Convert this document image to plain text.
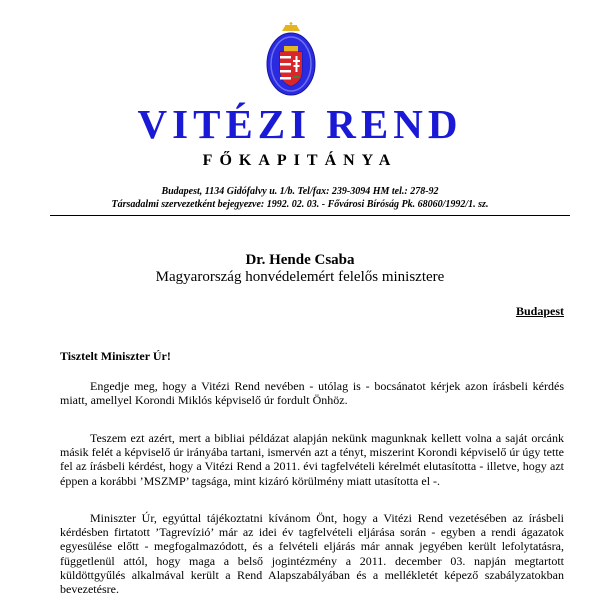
VITÉZI REND
FŐKAPITÁNYA
Budapest, 1134 Gidófalvy u. 1/b. Tel/fax: 239-3094 HM tel.: 278-92
Társadalmi szervezetként bejegyezve: 1992. 02. 03. - Fővárosi Bíróság Pk. 68060/1992/1. sz.
Dr. Hende Csaba
Magyarország honvédelemért felelős minisztere
Budapest
Tisztelt Miniszter Úr!
Engedje meg, hogy a Vitézi Rend nevében - utólag is - bocsánatot kérjek azon írásbeli kérdés miatt, amellyel Korondi Miklós képviselő úr fordult Önhöz.
Teszem ezt azért, mert a bibliai példázat alapján nekünk magunknak kellett volna a saját orcánk másik felét a képviselő úr irányába tartani, ismervén azt a tényt, miszerint Korondi képviselő úr úgy tette fel az írásbeli kérdést, hogy a Vitézi Rend a 2011. évi tagfelvételi kérelmét elutasította - illetve, hogy azt éppen a korábbi ’MSZMP’ tagsága, mint kizáró körülmény miatt utasította el -.
Miniszter Úr, egyúttal tájékoztatni kívánom Önt, hogy a Vitézi Rend vezetésében az írásbeli kérdésben firtatott ’Tagrevízió’ már az idei év tagfelvételi eljárása során - egyben a rendi ágazatok egyesülése előtt - megfogalmazódott, és a felvételi eljárás már annak jegyében került lefolytatásra, függetlenül attól, hogy maga a belső jogintézmény a 2011. december 03. napján megtartott küldöttgyűlés alkalmával került a Rend Alapszabályában és a mellékletét képező szabályzatokban bevezetésre.
